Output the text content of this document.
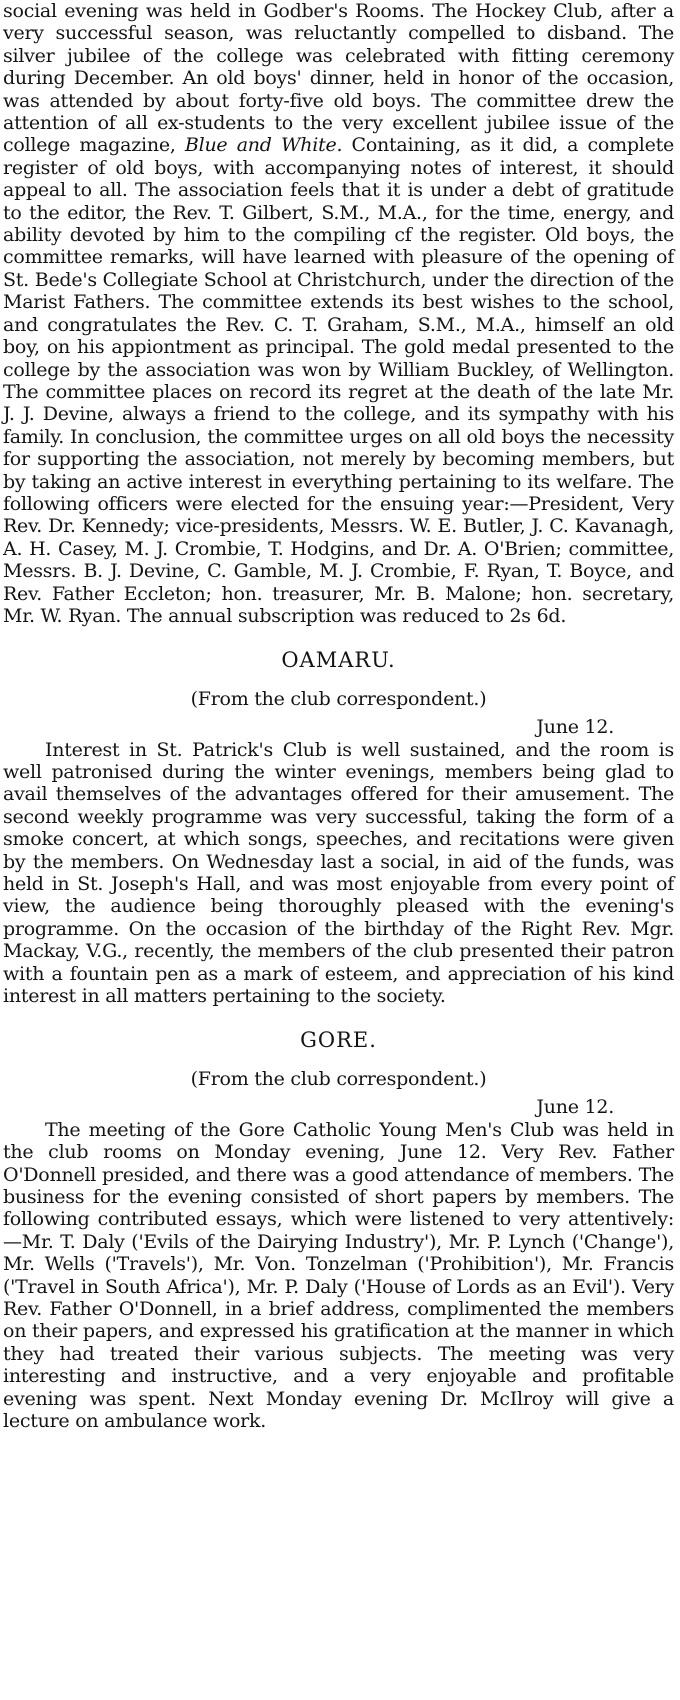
social evening was held in Godber's Rooms. The Hockey Club, after a very successful season, was reluctantly compelled to disband. The silver jubilee of the college was celebrated with fitting ceremony during December. An old boys' dinner, held in honor of the occasion, was attended by about forty-five old boys. The committee drew the attention of all ex-students to the very excellent jubilee issue of the college magazine, Blue and White. Containing, as it did, a complete register of old boys, with accompanying notes of interest, it should appeal to all. The association feels that it is under a debt of gratitude to the editor, the Rev. T. Gilbert, S.M., M.A., for the time, energy, and ability devoted by him to the compiling cf the register. Old boys, the committee remarks, will have learned with pleasure of the opening of St. Bede's Collegiate School at Christchurch, under the direction of the Marist Fathers. The committee extends its best wishes to the school, and congratulates the Rev. C. T. Graham, S.M., M.A., himself an old boy, on his appiontment as principal. The gold medal presented to the college by the association was won by William Buckley, of Wellington. The committee places on record its regret at the death of the late Mr. J. J. Devine, always a friend to the college, and its sympathy with his family. In conclusion, the committee urges on all old boys the necessity for supporting the association, not merely by becoming members, but by taking an active interest in everything pertaining to its welfare. The following officers were elected for the ensuing year:—President, Very Rev. Dr. Kennedy; vice-presidents, Messrs. W. E. Butler, J. C. Kavanagh, A. H. Casey, M. J. Crombie, T. Hodgins, and Dr. A. O'Brien; committee, Messrs. B. J. Devine, C. Gamble, M. J. Crombie, F. Ryan, T. Boyce, and Rev. Father Eccleton; hon. treasurer, Mr. B. Malone; hon. secretary, Mr. W. Ryan. The annual subscription was reduced to 2s 6d.

OAMARU.
(From the club correspondent.)
June 12.

Interest in St. Patrick's Club is well sustained, and the room is well patronised during the winter evenings, members being glad to avail themselves of the advantages offered for their amusement. The second weekly programme was very successful, taking the form of a smoke concert, at which songs, speeches, and recitations were given by the members. On Wednesday last a social, in aid of the funds, was held in St. Joseph's Hall, and was most enjoyable from every point of view, the audience being thoroughly pleased with the evening's programme. On the occasion of the birthday of the Right Rev. Mgr. Mackay, V.G., recently, the members of the club presented their patron with a fountain pen as a mark of esteem, and appreciation of his kind interest in all matters pertaining to the society.

GORE.
(From the club correspondent.)
June 12.

The meeting of the Gore Catholic Young Men's Club was held in the club rooms on Monday evening, June 12. Very Rev. Father O'Donnell presided, and there was a good attendance of members. The business for the evening consisted of short papers by members. The following contributed essays, which were listened to very attentively:—Mr. T. Daly ('Evils of the Dairying Industry'), Mr. P. Lynch ('Change'), Mr. Wells ('Travels'), Mr. Von. Tonzelman ('Prohibition'), Mr. Francis ('Travel in South Africa'), Mr. P. Daly ('House of Lords as an Evil'). Very Rev. Father O'Donnell, in a brief address, complimented the members on their papers, and expressed his gratification at the manner in which they had treated their various subjects. The meeting was very interesting and instructive, and a very enjoyable and profitable evening was spent. Next Monday evening Dr. McIlroy will give a lecture on ambulance work.
